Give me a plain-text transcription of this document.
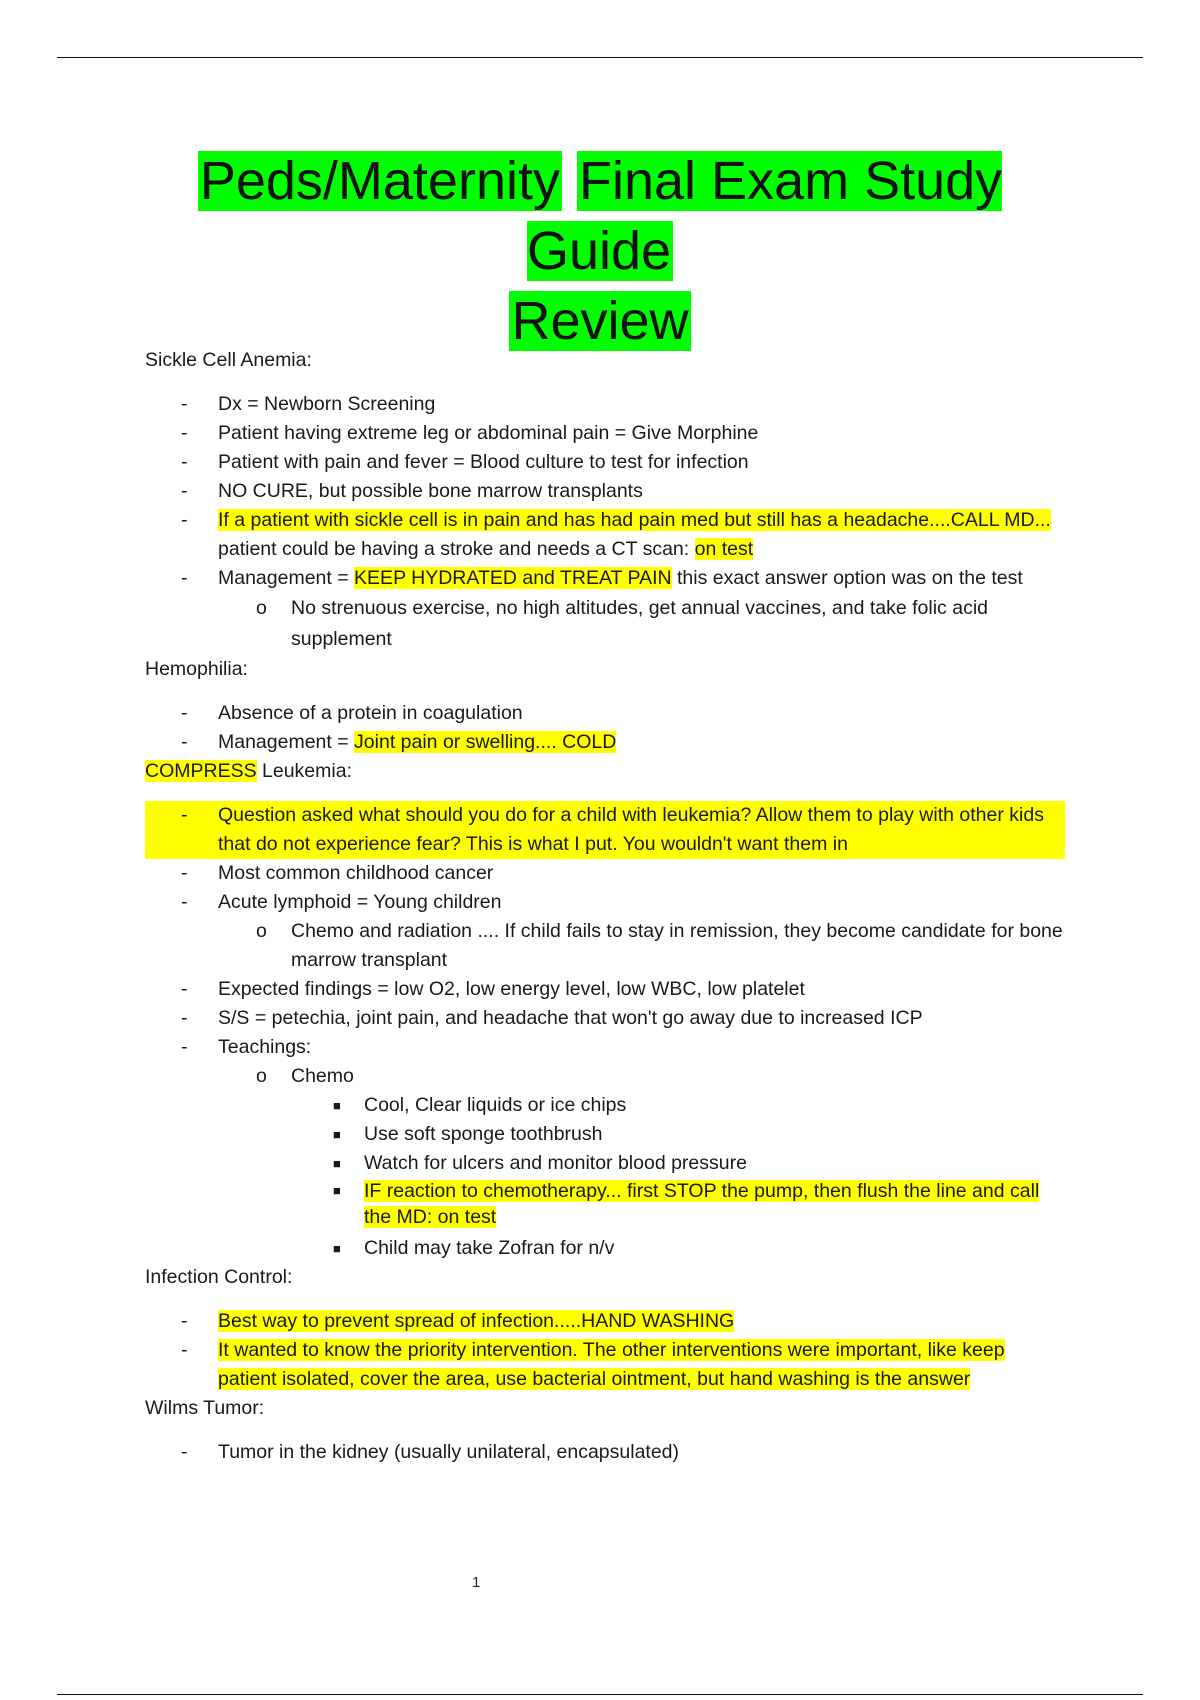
Peds/Maternity Final Exam Study Guide
Review

Sickle Cell Anemia:

- Dx = Newborn Screening
- Patient having extreme leg or abdominal pain = Give Morphine
- Patient with pain and fever = Blood culture to test for infection
- NO CURE, but possible bone marrow transplants
- If a patient with sickle cell is in pain and has had pain med but still has a headache....CALL MD... patient could be having a stroke and needs a CT scan: on test
- Management = KEEP HYDRATED and TREAT PAIN this exact answer option was on the test
o No strenuous exercise, no high altitudes, get annual vaccines, and take folic acid supplement

Hemophilia:

- Absence of a protein in coagulation
- Management = Joint pain or swelling.... COLD

COMPRESS Leukemia:

- Question asked what should you do for a child with leukemia? Allow them to play with other kids that do not experience fear? This is what I put. You wouldn't want them in
- Most common childhood cancer
- Acute lymphoid = Young children
o Chemo and radiation .... If child fails to stay in remission, they become candidate for bone marrow transplant
- Expected findings = low O2, low energy level, low WBC, low platelet
- S/S = petechia, joint pain, and headache that won't go away due to increased ICP
- Teachings:
o Chemo
■ Cool, Clear liquids or ice chips
■ Use soft sponge toothbrush
■ Watch for ulcers and monitor blood pressure
■ IF reaction to chemotherapy... first STOP the pump, then flush the line and call the MD: on test
■ Child may take Zofran for n/v

Infection Control:

- Best way to prevent spread of infection.....HAND WASHING
- It wanted to know the priority intervention. The other interventions were important, like keep patient isolated, cover the area, use bacterial ointment, but hand washing is the answer

Wilms Tumor:

- Tumor in the kidney (usually unilateral, encapsulated)
1
